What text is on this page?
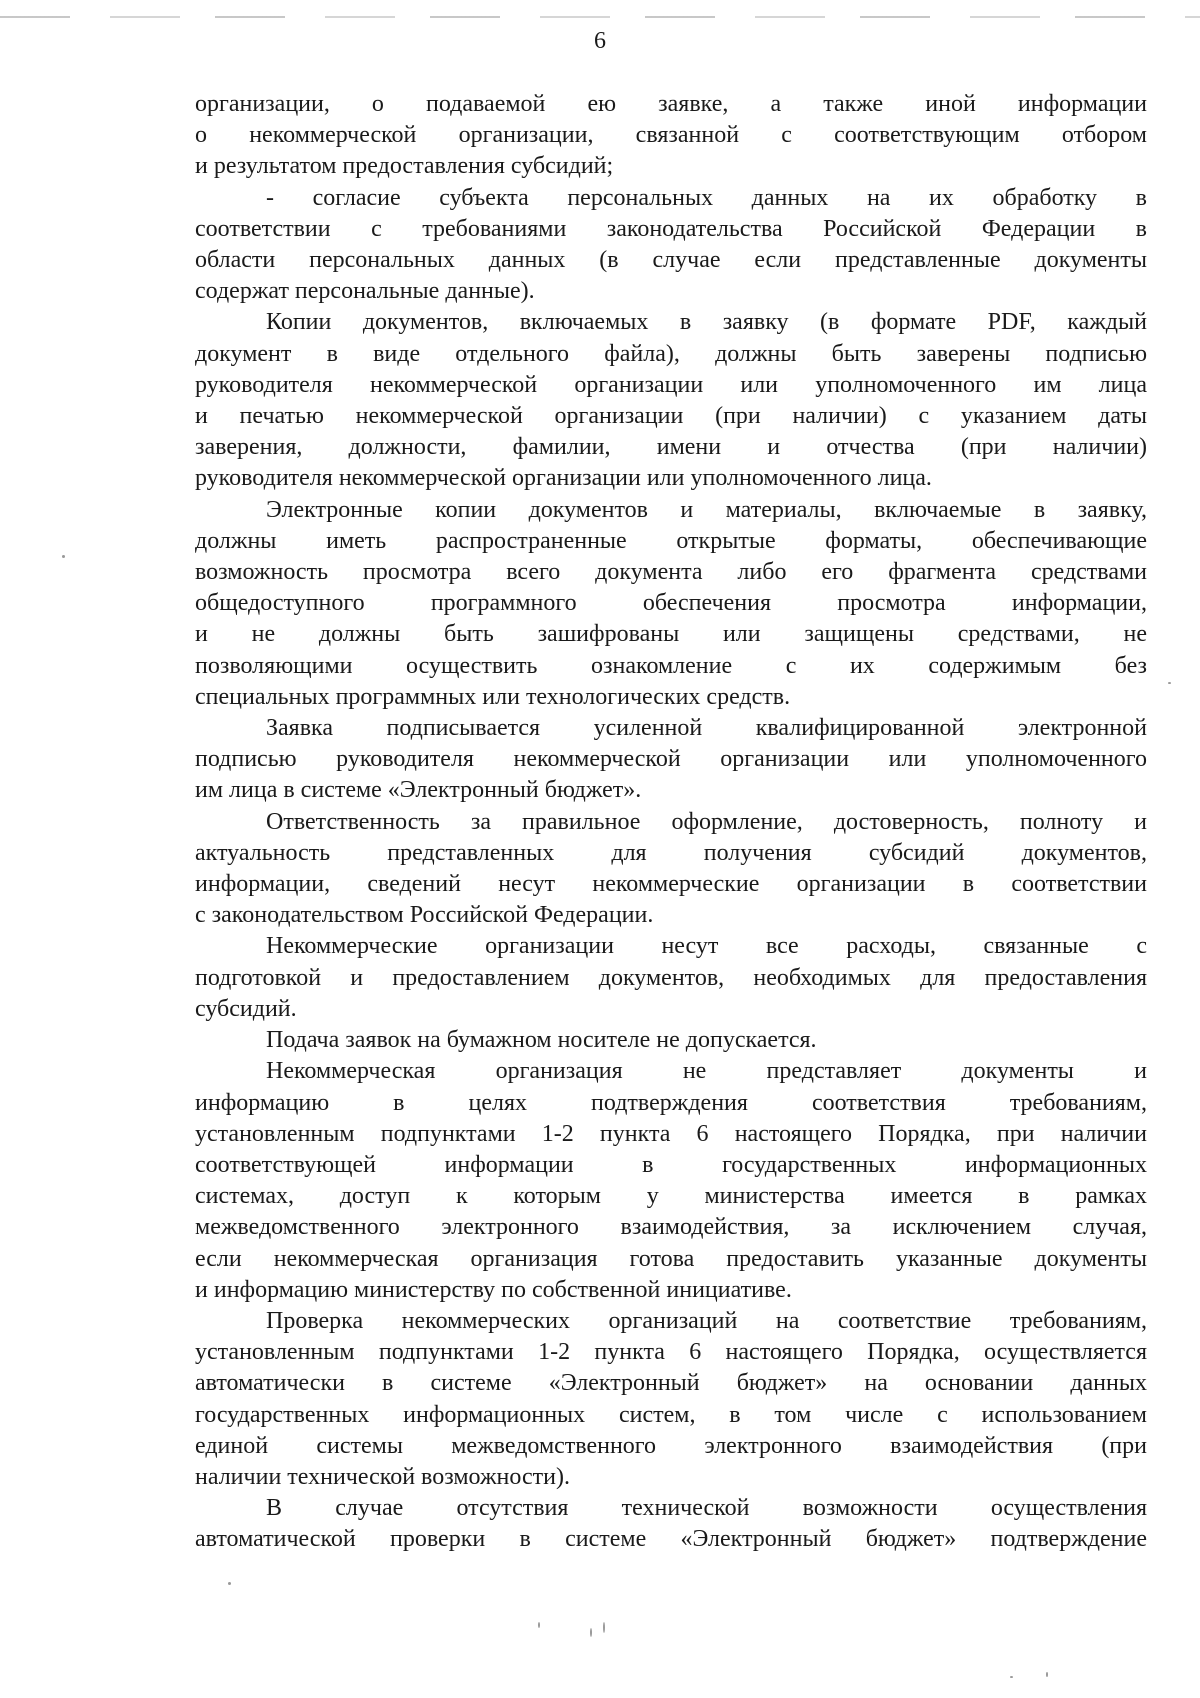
6

организации, о подаваемой ею заявке, а также иной информации

о некоммерческой организации, связанной с соответствующим отбором

и результатом предоставления субсидий;

- согласие субъекта персональных данных на их обработку в

соответствии с требованиями законодательства Российской Федерации в

области персональных данных (в случае если представленные документы

содержат персональные данные).

Копии документов, включаемых в заявку (в формате PDF, каждый

документ в виде отдельного файла), должны быть заверены подписью

руководителя некоммерческой организации или уполномоченного им лица

и печатью некоммерческой организации (при наличии) с указанием даты

заверения, должности, фамилии, имени и отчества (при наличии)

руководителя некоммерческой организации или уполномоченного лица.

Электронные копии документов и материалы, включаемые в заявку,

должны иметь распространенные открытые форматы, обеспечивающие

возможность просмотра всего документа либо его фрагмента средствами

общедоступного программного обеспечения просмотра информации,

и не должны быть зашифрованы или защищены средствами, не

позволяющими осуществить ознакомление с их содержимым без

специальных программных или технологических средств.

Заявка подписывается усиленной квалифицированной электронной

подписью руководителя некоммерческой организации или уполномоченного

им лица в системе «Электронный бюджет».

Ответственность за правильное оформление, достоверность, полноту и

актуальность представленных для получения субсидий документов,

информации, сведений несут некоммерческие организации в соответствии

с законодательством Российской Федерации.

Некоммерческие организации несут все расходы, связанные с

подготовкой и предоставлением документов, необходимых для предоставления

субсидий.

Подача заявок на бумажном носителе не допускается.

Некоммерческая организация не представляет документы и

информацию в целях подтверждения соответствия требованиям,

установленным подпунктами 1-2 пункта 6 настоящего Порядка, при наличии

соответствующей информации в государственных информационных

системах, доступ к которым у министерства имеется в рамках

межведомственного электронного взаимодействия, за исключением случая,

если некоммерческая организация готова предоставить указанные документы

и информацию министерству по собственной инициативе.

Проверка некоммерческих организаций на соответствие требованиям,

установленным подпунктами 1-2 пункта 6 настоящего Порядка, осуществляется

автоматически в системе «Электронный бюджет» на основании данных

государственных информационных систем, в том числе с использованием

единой системы межведомственного электронного взаимодействия (при

наличии технической возможности).

В случае отсутствия технической возможности осуществления

автоматической проверки в системе «Электронный бюджет» подтверждение
